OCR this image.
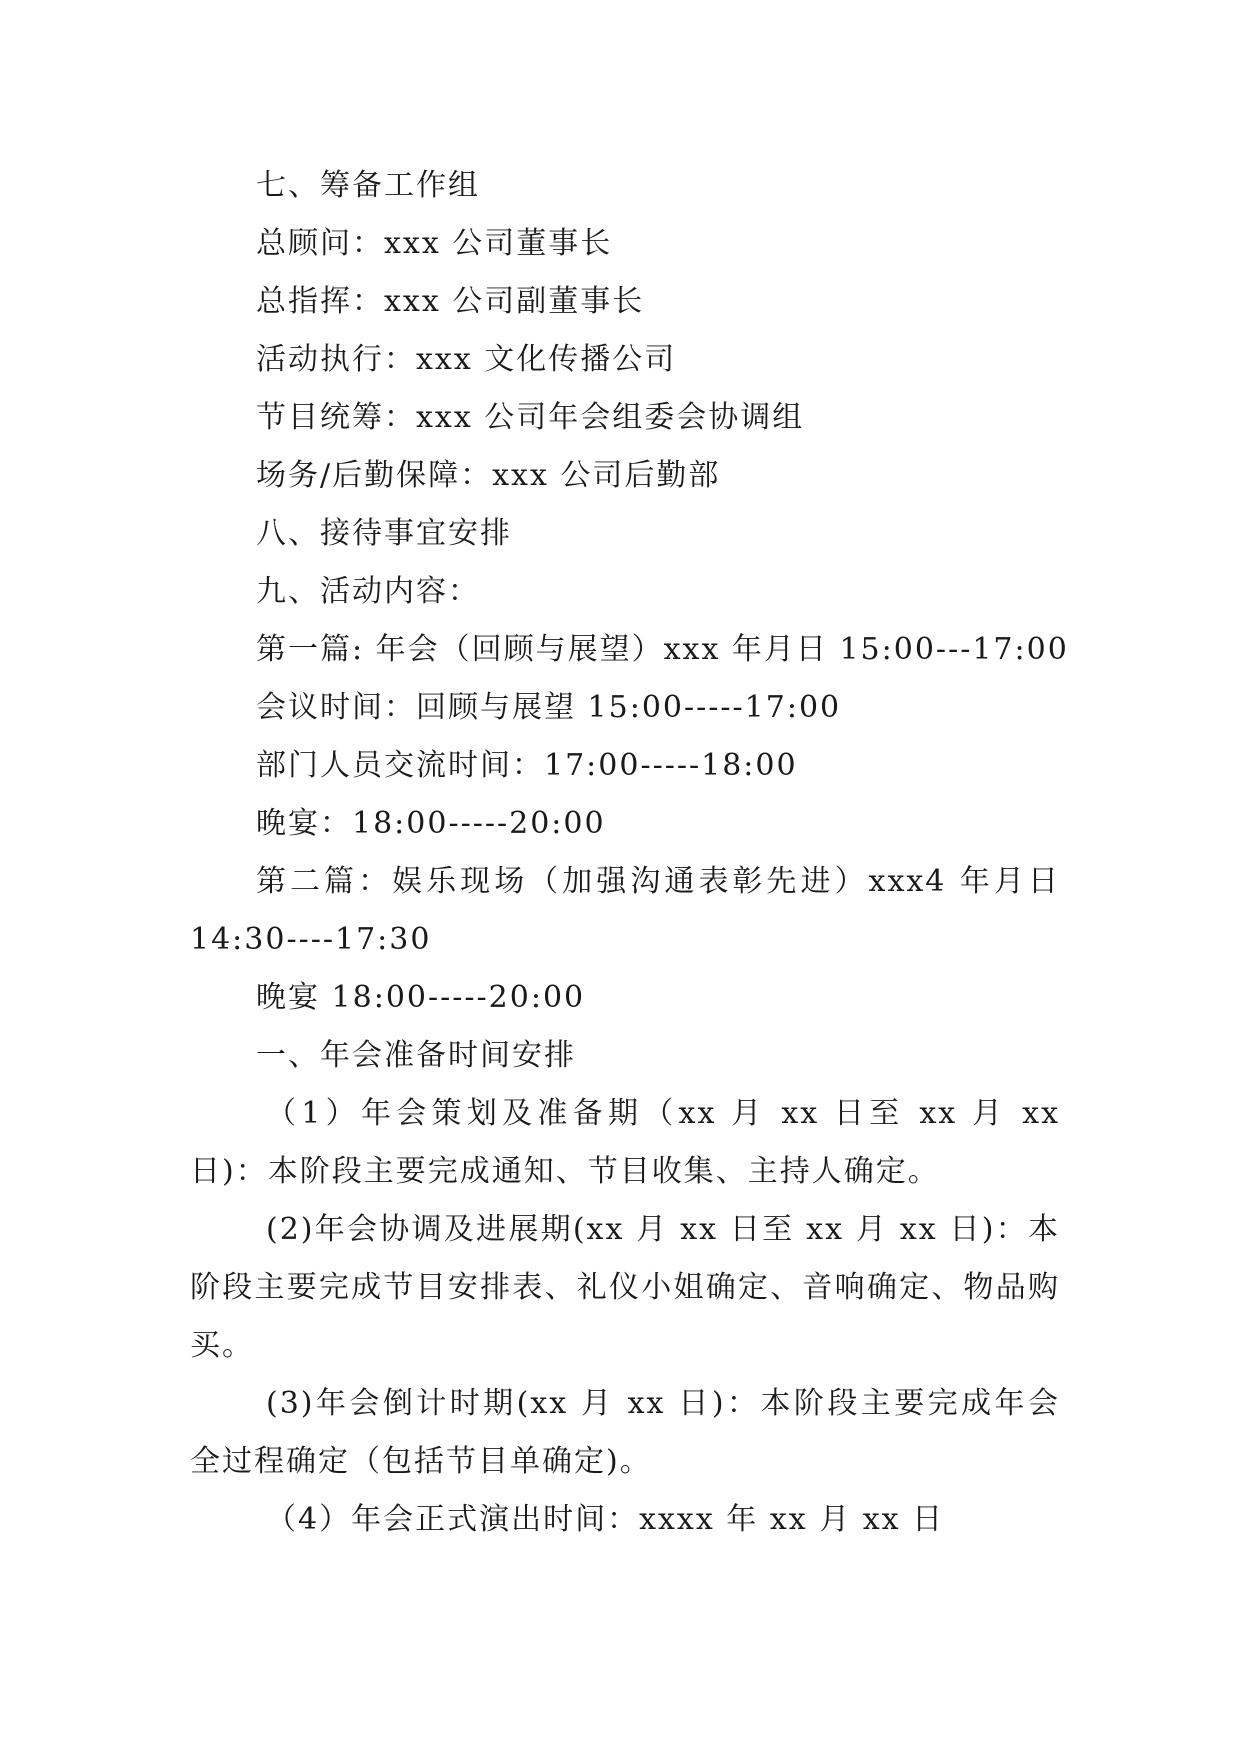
七、筹备工作组
总顾问：xxx 公司董事长
总指挥：xxx 公司副董事长
活动执行：xxx 文化传播公司
节目统筹：xxx 公司年会组委会协调组
场务/后勤保障：xxx 公司后勤部
八、接待事宜安排
九、活动内容：
第一篇: 年会（回顾与展望）xxx 年月日 15:00---17:00
会议时间：回顾与展望 15:00-----17:00
部门人员交流时间：17:00-----18:00
晚宴：18:00-----20:00
第二篇：娱乐现场（加强沟通表彰先进）xxx4 年月日 14:30----17:30
晚宴 18:00-----20:00
一、年会准备时间安排
（1）年会策划及准备期（xx 月 xx 日至 xx 月 xx 日)：本阶段主要完成通知、节目收集、主持人确定。
(2)年会协调及进展期(xx 月 xx 日至 xx 月 xx 日)：本阶段主要完成节目安排表、礼仪小姐确定、音响确定、物品购买。
(3)年会倒计时期(xx 月 xx 日)：本阶段主要完成年会全过程确定（包括节目单确定)。
（4）年会正式演出时间：xxxx 年 xx 月 xx 日
